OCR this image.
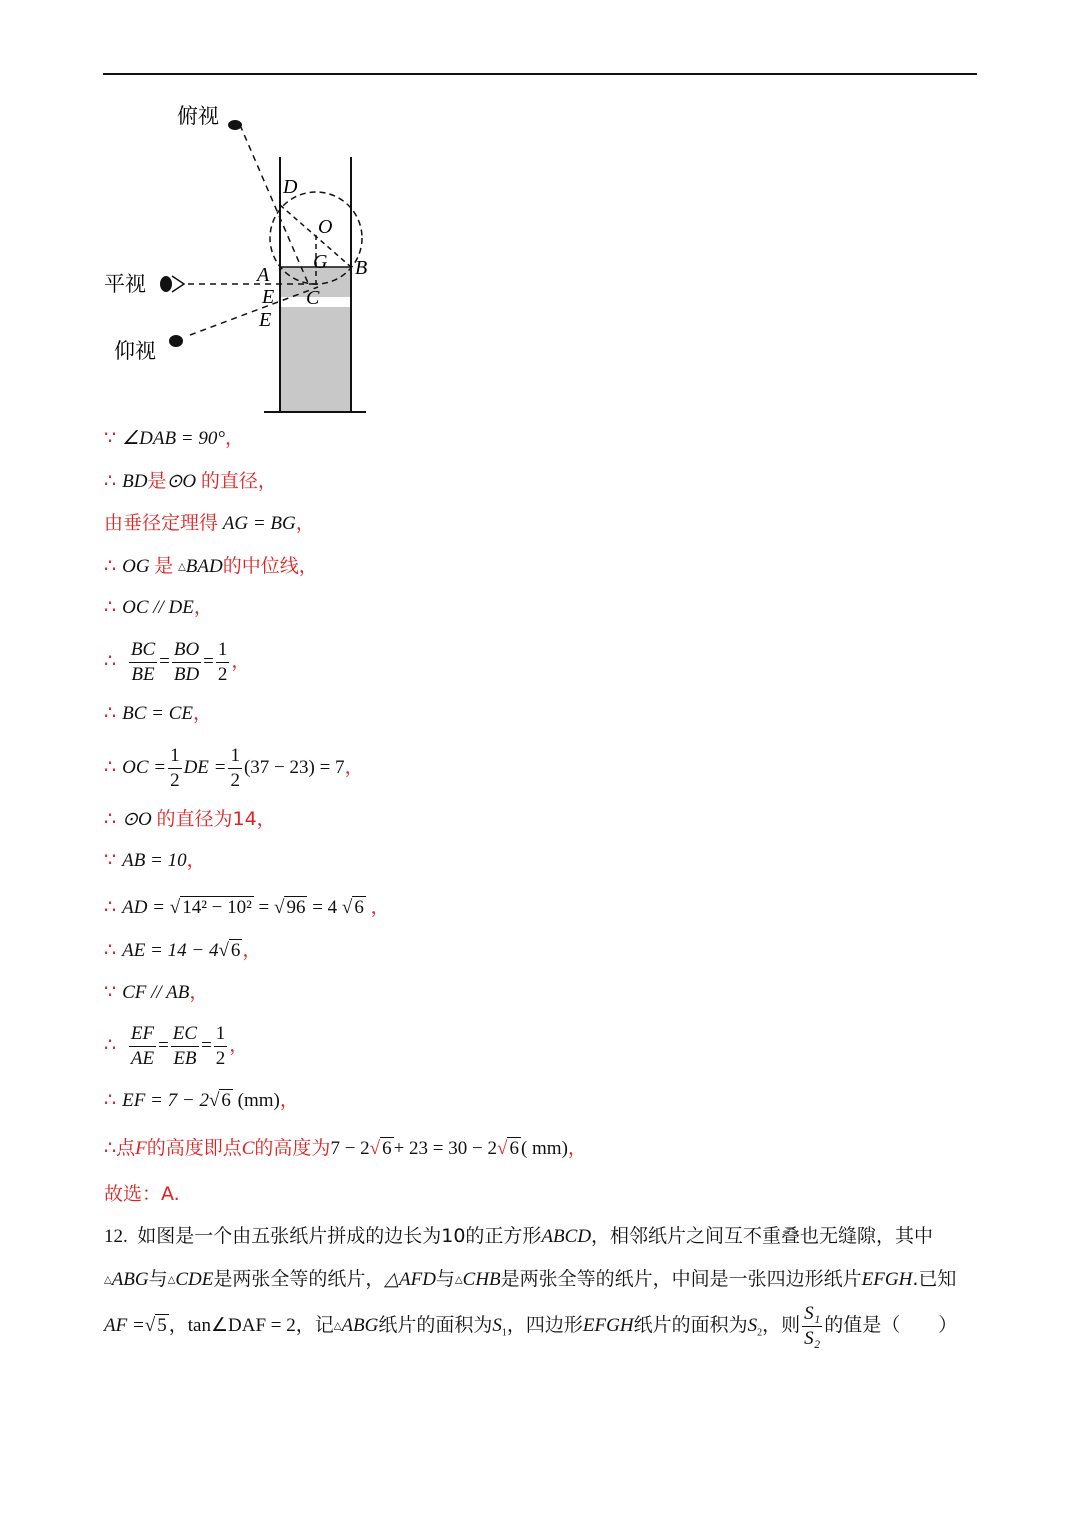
俯视
平视
仰视
D
O
G
A	B
C
E
E
∵ ∠DAB = 90°，
∴ BD是⊙O 的直径，
由垂径定理得 AG = BG，
∴ OG 是 △BAD的中位线，
∴ OC // DE，
∴ $\frac{BC}{BE} = \frac{BO}{BD} = \frac{1}{2}$ ，
∴ BC = CE，
∴ OC = $\frac{1}{2}$ DE = $\frac{1}{2} (37 - 23) = 7$，
∴ ⊙O 的直径为14，
∵ AB = 10，
∴ AD = √ 14² − 10² = √ 96 = 4 √ 6 ，
∴ AE = 14 − 4√ 6 ，
∵ CF // AB，
∴ $\frac{EF}{AE} = \frac{EC}{EB} = \frac{1}{2}$ ，
∴ EF = 7 − 2√ 6 (mm)，
∴点F的高度即点C的高度为7 − 2√ 6 + 23 = 30 − 2√ 6 ( mm)，
故选：A.
12. 如图是一个由五张纸片拼成的边长为10的正方形ABCD，相邻纸片之间互不重叠也无缝隙，其中△ABG与△CDE是两张全等的纸片，△AFD与△CHB是两张全等的纸片，中间是一张四边形纸片EFGH.已知AF =√ 5 ，tan∠DAF = 2，记△ABG纸片的面积为$S_1$，四边形EFGH纸片的面积为$S_2$，则 $\frac{\text{S₁}}{\text{S₂}}$ 的值是（　　）
